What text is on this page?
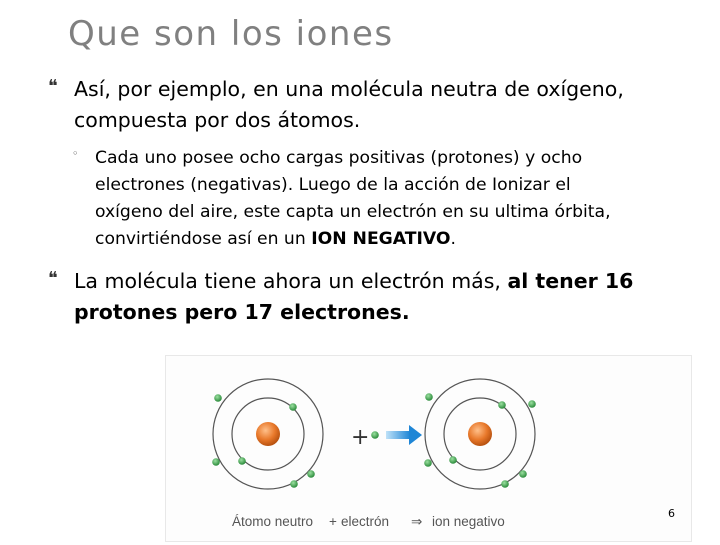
Que son los iones
❝ Así, por ejemplo, en una molécula neutra de oxígeno,
compuesta por dos átomos.
◦ Cada uno posee ocho cargas positivas (protones) y ocho
electrones (negativas). Luego de la acción de Ionizar el
oxígeno del aire, este capta un electrón en su ultima órbita,
convirtiéndose así en un ION NEGATIVO.
❝ La molécula tiene ahora un electrón más, al tener 16
protones pero 17 electrones.
+
Átomo neutro + electrón ⇒ ion negativo
6
